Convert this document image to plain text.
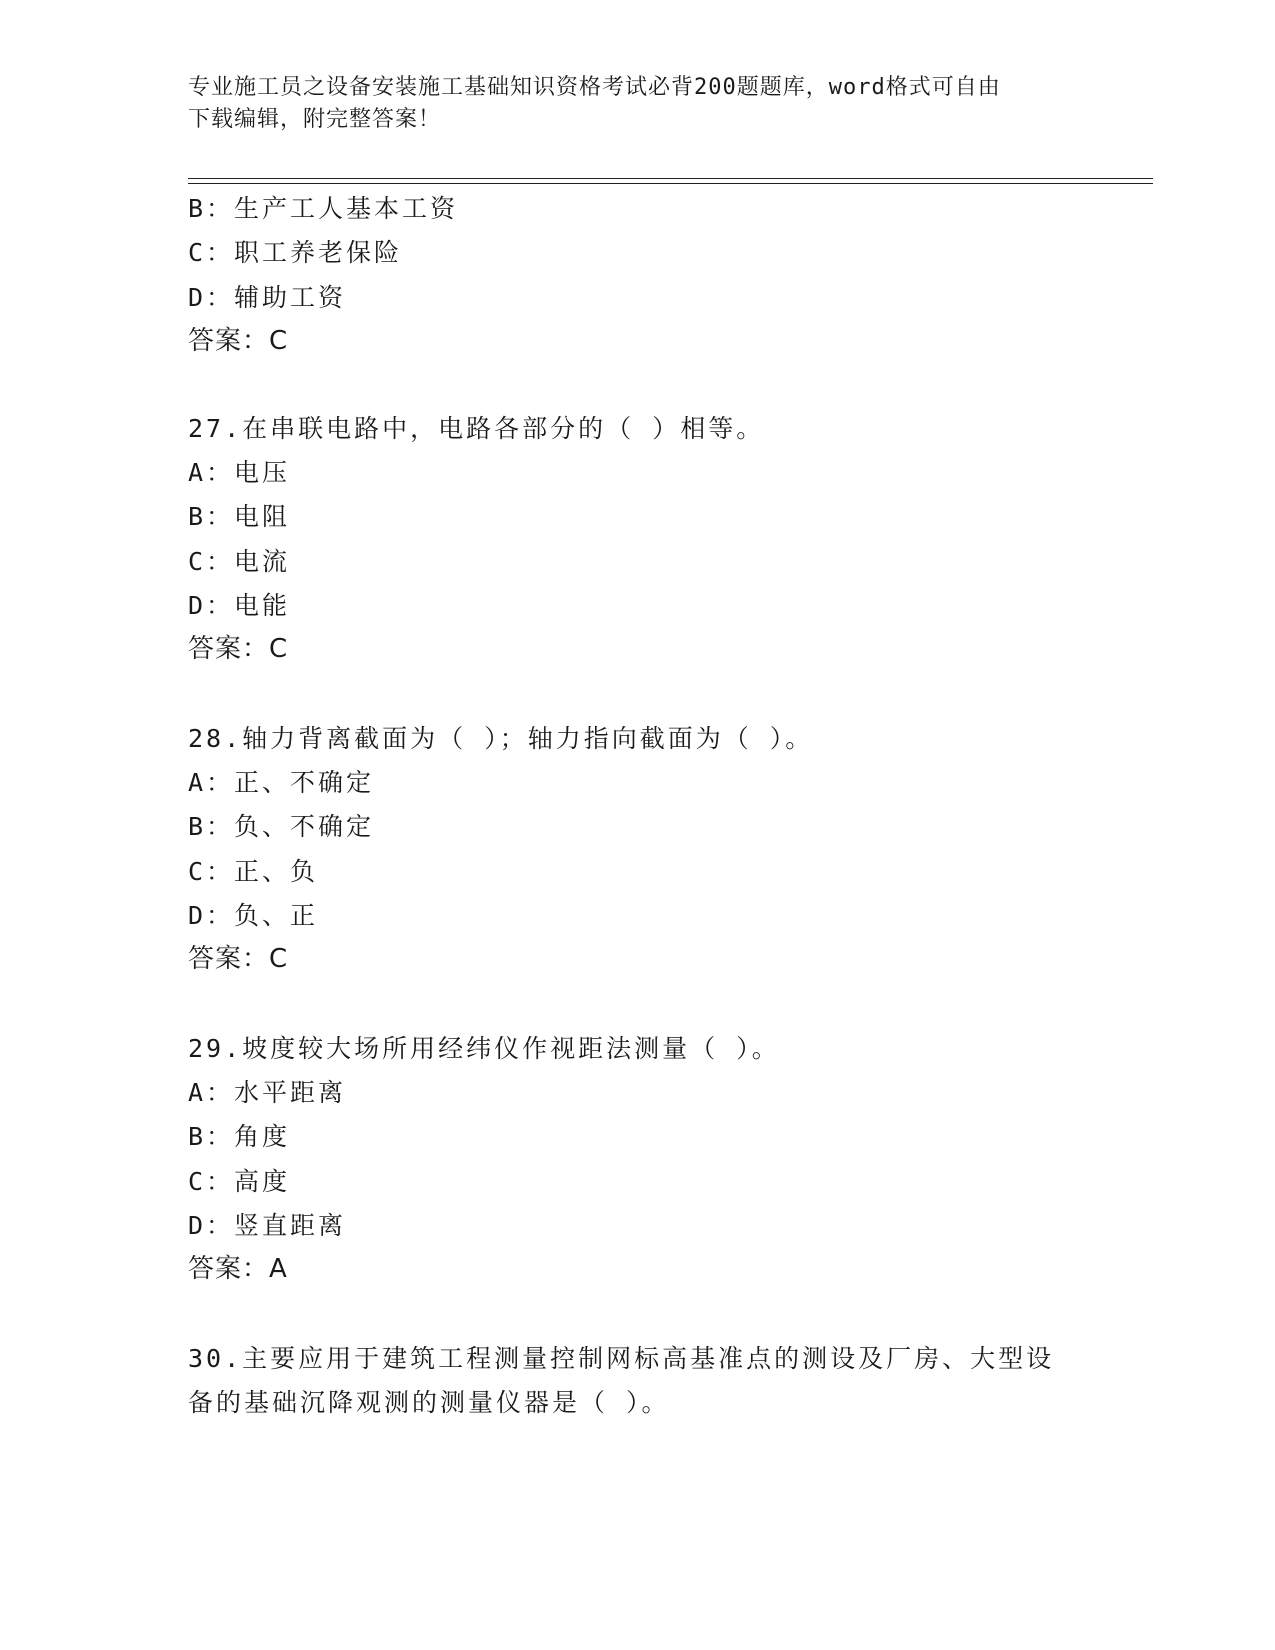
专业施工员之设备安装施工基础知识资格考试必背200题题库，word格式可自由
下载编辑，附完整答案！
B：生产工人基本工资
C：职工养老保险
D：辅助工资
答案：C
27.在串联电路中，电路各部分的（ ）相等。
A：电压
B：电阻
C：电流
D：电能
答案：C
28.轴力背离截面为（ ）；轴力指向截面为（ ）。
A：正、不确定
B：负、不确定
C：正、负
D：负、正
答案：C
29.坡度较大场所用经纬仪作视距法测量（ ）。
A：水平距离
B：角度
C：高度
D：竖直距离
答案：A
30.主要应用于建筑工程测量控制网标高基准点的测设及厂房、大型设
备的基础沉降观测的测量仪器是（ ）。
